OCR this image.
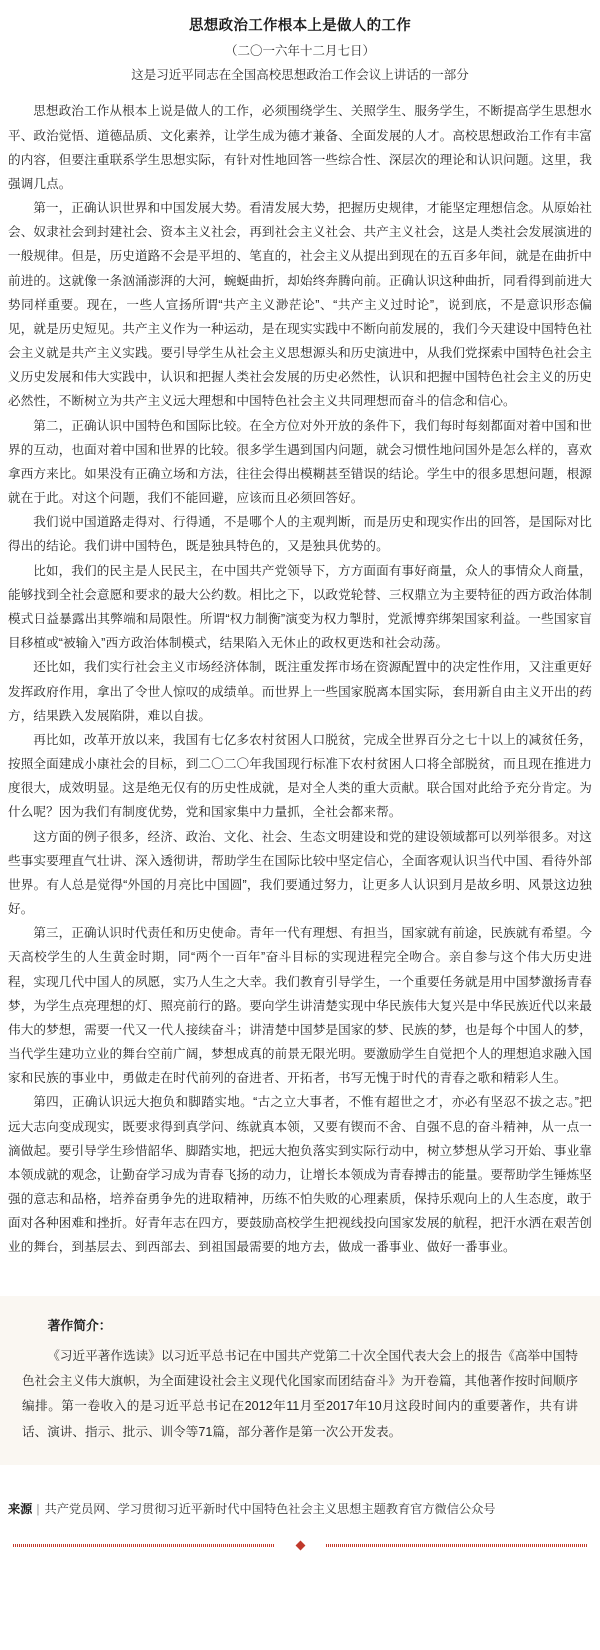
思想政治工作根本上是做人的工作
（二〇一六年十二月七日）
这是习近平同志在全国高校思想政治工作会议上讲话的一部分

思想政治工作从根本上说是做人的工作，必须围绕学生、关照学生、服务学生，不断提高学生思想水平、政治觉悟、道德品质、文化素养，让学生成为德才兼备、全面发展的人才。高校思想政治工作有丰富的内容，但要注重联系学生思想实际，有针对性地回答一些综合性、深层次的理论和认识问题。这里，我强调几点。

第一，正确认识世界和中国发展大势。看清发展大势，把握历史规律，才能坚定理想信念。从原始社会、奴隶社会到封建社会、资本主义社会，再到社会主义社会、共产主义社会，这是人类社会发展演进的一般规律。但是，历史道路不会是平坦的、笔直的，社会主义从提出到现在的五百多年间，就是在曲折中前进的。这就像一条汹涌澎湃的大河，蜿蜒曲折，却始终奔腾向前。正确认识这种曲折，同看得到前进大势同样重要。现在，一些人宣扬所谓“共产主义渺茫论”、“共产主义过时论”，说到底，不是意识形态偏见，就是历史短见。共产主义作为一种运动，是在现实实践中不断向前发展的，我们今天建设中国特色社会主义就是共产主义实践。要引导学生从社会主义思想源头和历史演进中，从我们党探索中国特色社会主义历史发展和伟大实践中，认识和把握人类社会发展的历史必然性，认识和把握中国特色社会主义的历史必然性，不断树立为共产主义远大理想和中国特色社会主义共同理想而奋斗的信念和信心。

第二，正确认识中国特色和国际比较。在全方位对外开放的条件下，我们每时每刻都面对着中国和世界的互动，也面对着中国和世界的比较。很多学生遇到国内问题，就会习惯性地问国外是怎么样的，喜欢拿西方来比。如果没有正确立场和方法，往往会得出模糊甚至错误的结论。学生中的很多思想问题，根源就在于此。对这个问题，我们不能回避，应该而且必须回答好。

我们说中国道路走得对、行得通，不是哪个人的主观判断，而是历史和现实作出的回答，是国际对比得出的结论。我们讲中国特色，既是独具特色的，又是独具优势的。

比如，我们的民主是人民民主，在中国共产党领导下，方方面面有事好商量，众人的事情众人商量，能够找到全社会意愿和要求的最大公约数。相比之下，以政党轮替、三权鼎立为主要特征的西方政治体制模式日益暴露出其弊端和局限性。所谓“权力制衡”演变为权力掣肘，党派博弈绑架国家利益。一些国家盲目移植或“被输入”西方政治体制模式，结果陷入无休止的政权更迭和社会动荡。

还比如，我们实行社会主义市场经济体制，既注重发挥市场在资源配置中的决定性作用，又注重更好发挥政府作用，拿出了令世人惊叹的成绩单。而世界上一些国家脱离本国实际，套用新自由主义开出的药方，结果跌入发展陷阱，难以自拔。

再比如，改革开放以来，我国有七亿多农村贫困人口脱贫，完成全世界百分之七十以上的减贫任务，按照全面建成小康社会的目标，到二〇二〇年我国现行标准下农村贫困人口将全部脱贫，而且现在推进力度很大，成效明显。这是绝无仅有的历史性成就，是对全人类的重大贡献。联合国对此给予充分肯定。为什么呢？因为我们有制度优势，党和国家集中力量抓，全社会都来帮。

这方面的例子很多，经济、政治、文化、社会、生态文明建设和党的建设领域都可以列举很多。对这些事实要理直气壮讲、深入透彻讲，帮助学生在国际比较中坚定信心，全面客观认识当代中国、看待外部世界。有人总是觉得“外国的月亮比中国圆”，我们要通过努力，让更多人认识到月是故乡明、风景这边独好。

第三，正确认识时代责任和历史使命。青年一代有理想、有担当，国家就有前途，民族就有希望。今天高校学生的人生黄金时期，同“两个一百年”奋斗目标的实现进程完全吻合。亲自参与这个伟大历史进程，实现几代中国人的夙愿，实乃人生之大幸。我们教育引导学生，一个重要任务就是用中国梦激扬青春梦，为学生点亮理想的灯、照亮前行的路。要向学生讲清楚实现中华民族伟大复兴是中华民族近代以来最伟大的梦想，需要一代又一代人接续奋斗；讲清楚中国梦是国家的梦、民族的梦，也是每个中国人的梦，当代学生建功立业的舞台空前广阔，梦想成真的前景无限光明。要激励学生自觉把个人的理想追求融入国家和民族的事业中，勇做走在时代前列的奋进者、开拓者，书写无愧于时代的青春之歌和精彩人生。

第四，正确认识远大抱负和脚踏实地。“古之立大事者，不惟有超世之才，亦必有坚忍不拔之志。”把远大志向变成现实，既要求得到真学问、练就真本领，又要有锲而不舍、自强不息的奋斗精神，从一点一滴做起。要引导学生珍惜韶华、脚踏实地，把远大抱负落实到实际行动中，树立梦想从学习开始、事业靠本领成就的观念，让勤奋学习成为青春飞扬的动力，让增长本领成为青春搏击的能量。要帮助学生锤炼坚强的意志和品格，培养奋勇争先的进取精神，历练不怕失败的心理素质，保持乐观向上的人生态度，敢于面对各种困难和挫折。好青年志在四方，要鼓励高校学生把视线投向国家发展的航程，把汗水洒在艰苦创业的舞台，到基层去、到西部去、到祖国最需要的地方去，做成一番事业、做好一番事业。

著作简介：

《习近平著作选读》以习近平总书记在中国共产党第二十次全国代表大会上的报告《高举中国特色社会主义伟大旗帜，为全面建设社会主义现代化国家而团结奋斗》为开卷篇，其他著作按时间顺序编排。第一卷收入的是习近平总书记在2012年11月至2017年10月这段时间内的重要著作，共有讲话、演讲、指示、批示、训令等71篇，部分著作是第一次公开发表。

来源 | 共产党员网、学习贯彻习近平新时代中国特色社会主义思想主题教育官方微信公众号
